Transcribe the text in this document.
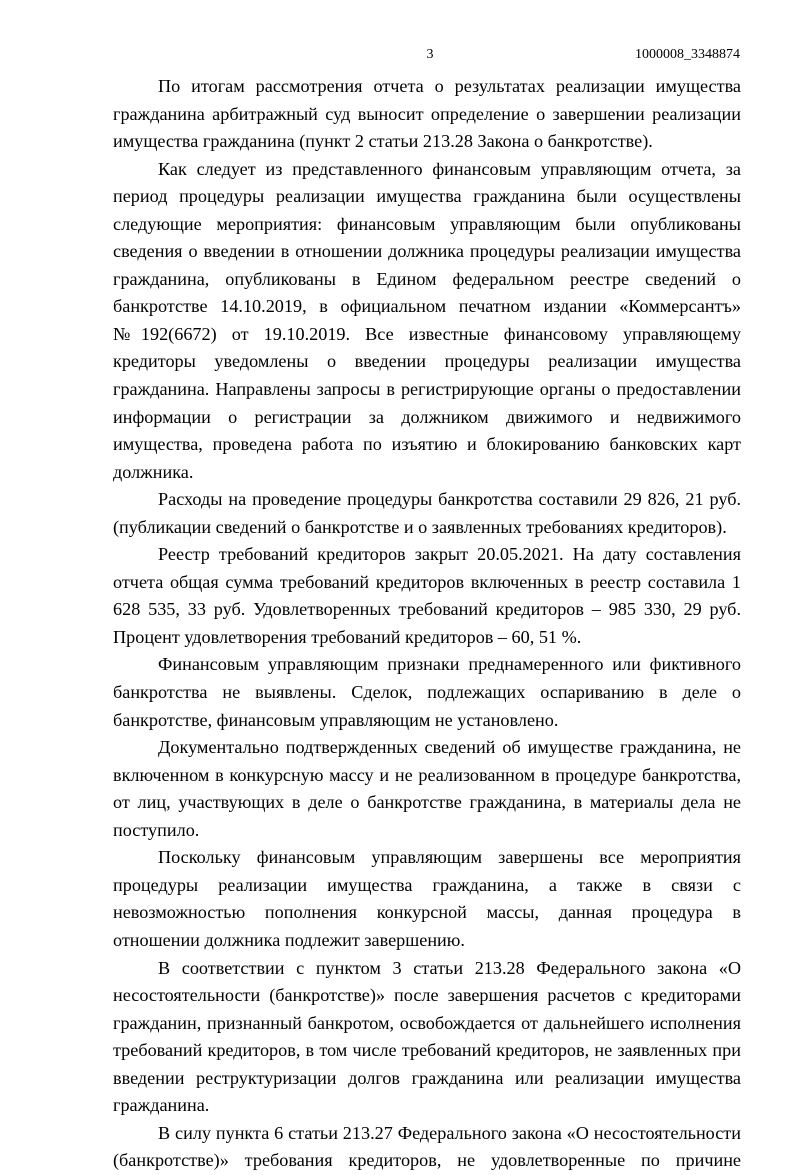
3	1000008_3348874

По итогам рассмотрения отчета о результатах реализации имущества гражданина арбитражный суд выносит определение о завершении реализации имущества гражданина (пункт 2 статьи 213.28 Закона о банкротстве).

Как следует из представленного финансовым управляющим отчета, за период процедуры реализации имущества гражданина были осуществлены следующие мероприятия: финансовым управляющим были опубликованы сведения о введении в отношении должника процедуры реализации имущества гражданина, опубликованы в Едином федеральном реестре сведений о банкротстве 14.10.2019, в официальном печатном издании «Коммерсантъ» №192(6672) от 19.10.2019. Все известные финансовому управляющему кредиторы уведомлены о введении процедуры реализации имущества гражданина. Направлены запросы в регистрирующие органы о предоставлении информации о регистрации за должником движимого и недвижимого имущества, проведена работа по изъятию и блокированию банковских карт должника.

Расходы на проведение процедуры банкротства составили 29 826, 21 руб. (публикации сведений о банкротстве и о заявленных требованиях кредиторов).

Реестр требований кредиторов закрыт 20.05.2021. На дату составления отчета общая сумма требований кредиторов включенных в реестр составила 1 628 535, 33 руб. Удовлетворенных требований кредиторов – 985 330, 29 руб. Процент удовлетворения требований кредиторов – 60, 51 %.

Финансовым управляющим признаки преднамеренного или фиктивного банкротства не выявлены. Сделок, подлежащих оспариванию в деле о банкротстве, финансовым управляющим не установлено.

Документально подтвержденных сведений об имуществе гражданина, не включенном в конкурсную массу и не реализованном в процедуре банкротства, от лиц, участвующих в деле о банкротстве гражданина, в материалы дела не поступило.

Поскольку финансовым управляющим завершены все мероприятия процедуры реализации имущества гражданина, а также в связи с невозможностью пополнения конкурсной массы, данная процедура в отношении должника подлежит завершению.

В соответствии с пунктом 3 статьи 213.28 Федерального закона «О несостоятельности (банкротстве)» после завершения расчетов с кредиторами гражданин, признанный банкротом, освобождается от дальнейшего исполнения требований кредиторов, в том числе требований кредиторов, не заявленных при введении реструктуризации долгов гражданина или реализации имущества гражданина.

В силу пункта 6 статьи 213.27 Федерального закона «О несостоятельности (банкротстве)» требования кредиторов, не удовлетворенные по причине
